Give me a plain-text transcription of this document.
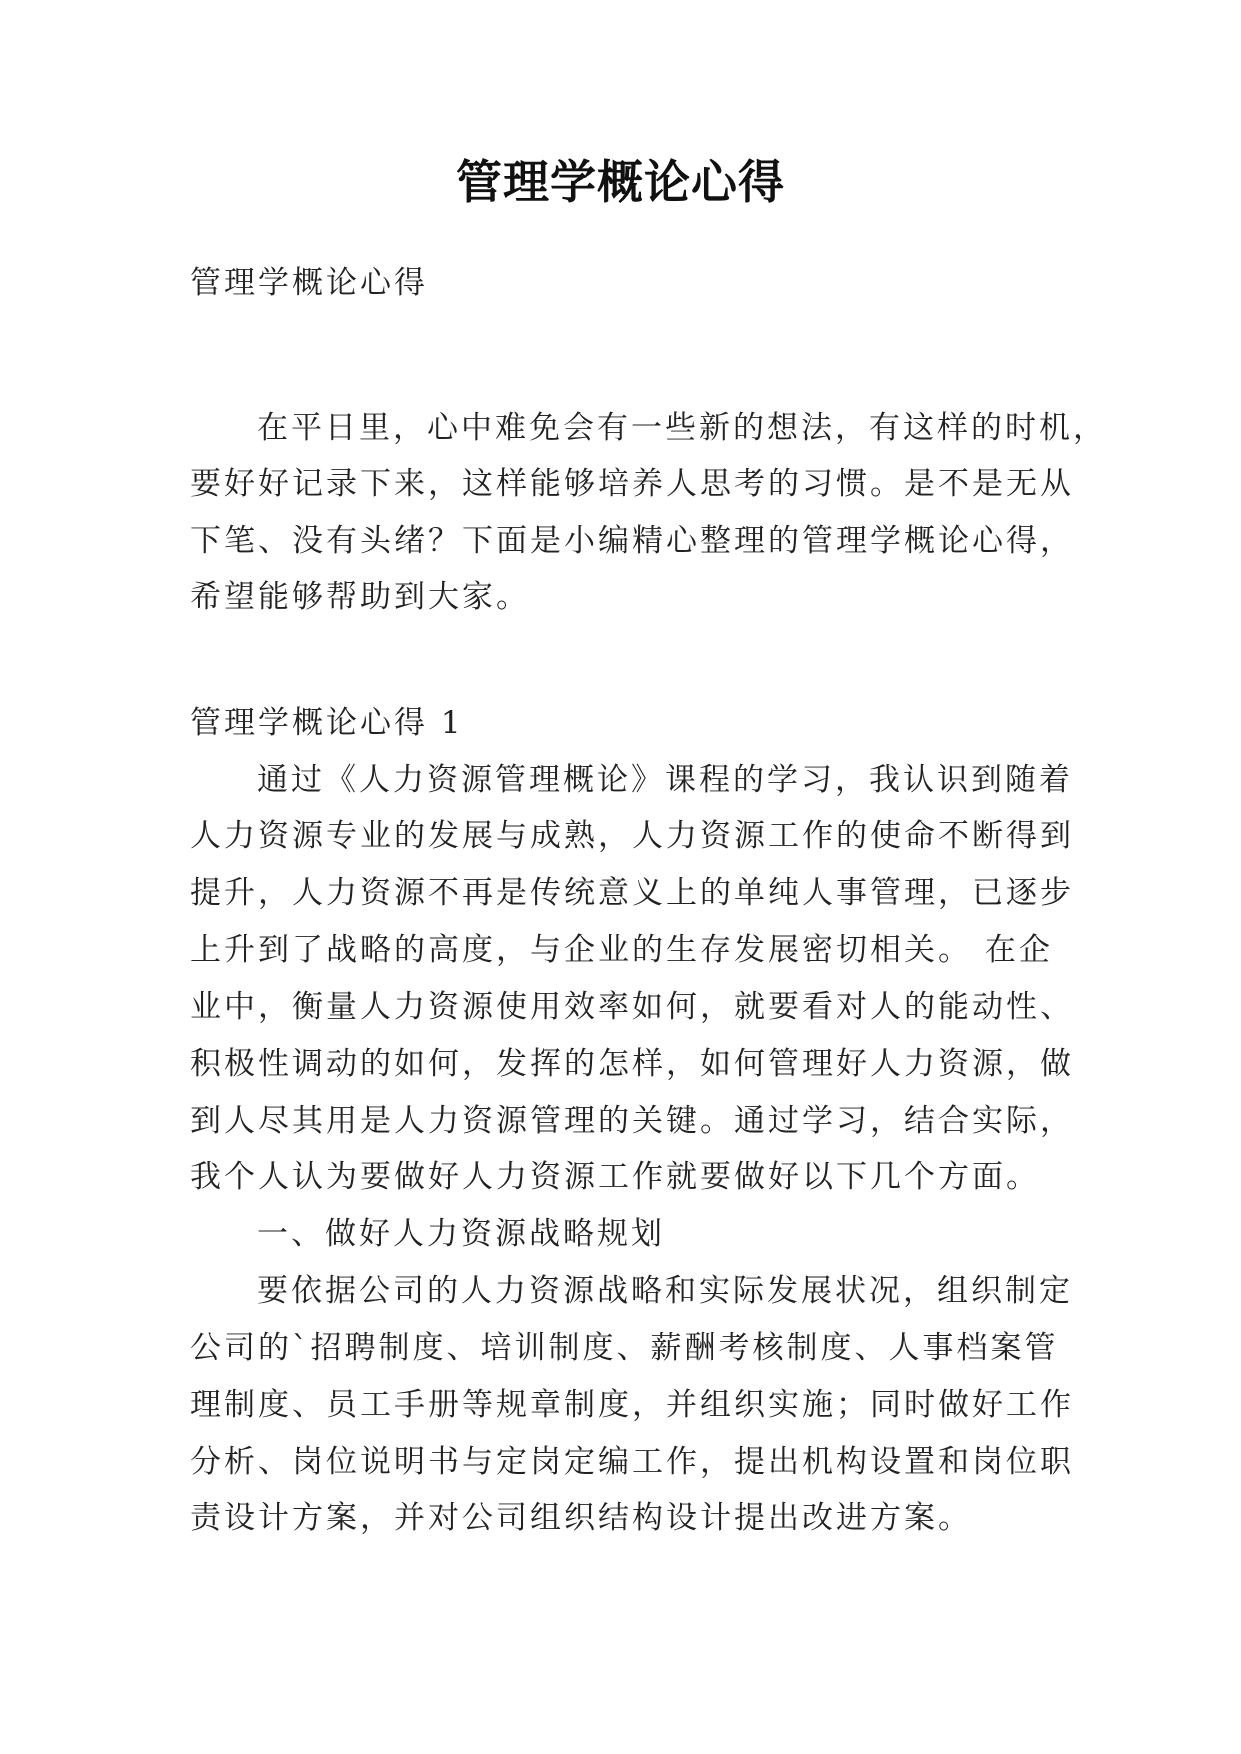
管理学概论心得
管理学概论心得
在平日里，心中难免会有一些新的想法，有这样的时机，
要好好记录下来，这样能够培养人思考的习惯。是不是无从
下笔、没有头绪？下面是小编精心整理的管理学概论心得，
希望能够帮助到大家。
管理学概论心得 1
通过《人力资源管理概论》课程的学习，我认识到随着
人力资源专业的发展与成熟，人力资源工作的使命不断得到
提升，人力资源不再是传统意义上的单纯人事管理，已逐步
上升到了战略的高度，与企业的生存发展密切相关。 在企
业中，衡量人力资源使用效率如何，就要看对人的能动性、
积极性调动的如何，发挥的怎样，如何管理好人力资源，做
到人尽其用是人力资源管理的关键。通过学习，结合实际，
我个人认为要做好人力资源工作就要做好以下几个方面。
一、做好人力资源战略规划
要依据公司的人力资源战略和实际发展状况，组织制定
公司的`招聘制度、培训制度、薪酬考核制度、人事档案管
理制度、员工手册等规章制度，并组织实施；同时做好工作
分析、岗位说明书与定岗定编工作，提出机构设置和岗位职
责设计方案，并对公司组织结构设计提出改进方案。
